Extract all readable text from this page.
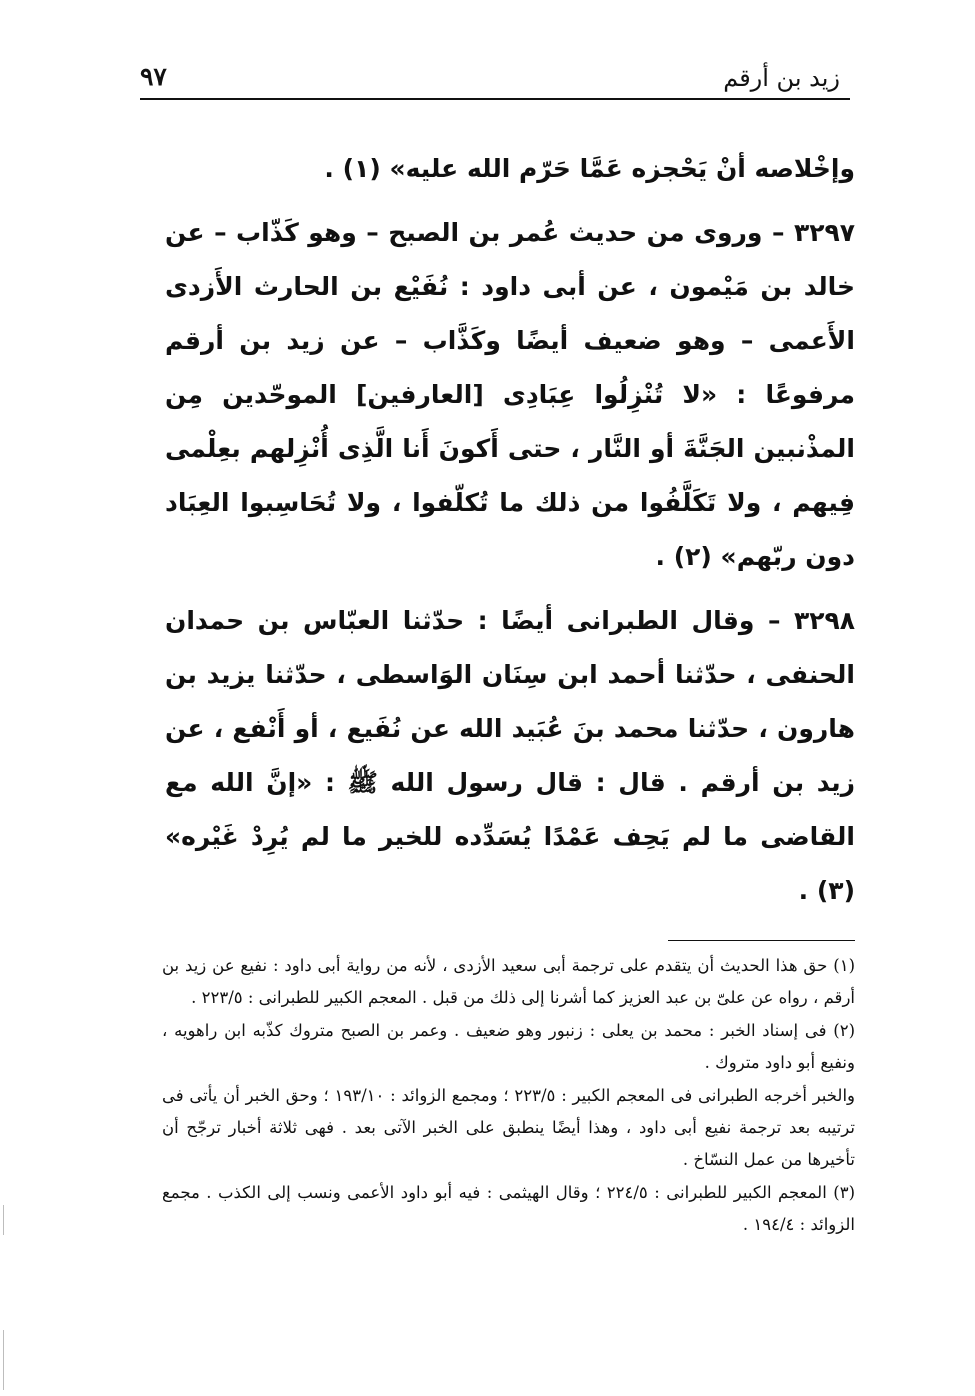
زيد بن أرقم
٩٧

وإخْلاصه أنْ يَحْجزه عَمَّا حَرّم الله عليه» (١) .

٣٢٩٧ – وروى من حديث عُمر بن الصبح – وهو كَذّاب – عن خالد بن مَيْمون ، عن أبى داود : نُفَيْع بن الحارث الأَزدى الأَعمى – وهو ضعيف أيضًا وكَذَّاب – عن زيد بن أرقم مرفوعًا : «لا تُنْزِلُوا عِبَادِى [العارفين] الموحّدين مِن المذْنبين الجَنَّةَ أو النَّار ، حتى أَكونَ أَنا الَّذِى أُنْزِلهم بعِلْمى فِيهم ، ولا تَكَلَّفُوا من ذلك ما تُكلّفوا ، ولا تُحَاسِبوا العِبَاد دون ربّهم» (٢) .

٣٢٩٨ – وقال الطبرانى أيضًا : حدّثنا العبّاس بن حمدان الحنفى ، حدّثنا أحمد ابن سِنَان الوَاسطى ، حدّثنا يزيد بن هارون ، حدّثنا محمد بنَ عُبَيد الله عن نُفَيع ، أو أَنْفع ، عن زيد بن أرقم . قال : قال رسول الله ﷺ : «إنَّ الله مع القاضى ما لم يَحِف عَمْدًا يُسَدِّده للخير ما لم يُرِدْ غَيْره» (٣) .

(١) حق هذا الحديث أن يتقدم على ترجمة أبى سعيد الأزدى ، لأنه من رواية أبى داود : نفيع عن زيد بن أرقم ، رواه عن علىّ بن عبد العزيز كما أشرنا إلى ذلك من قبل . المعجم الكبير للطبرانى : ٢٢٣/٥ .

(٢) فى إسناد الخبر : محمد بن يعلى : زنبور وهو ضعيف . وعمر بن الصبح متروك كذّبه ابن راهويه ، ونفيع أبو داود متروك .

والخبر أخرجه الطبرانى فى المعجم الكبير : ٢٢٣/٥ ؛ ومجمع الزوائد : ١٩٣/١٠ ؛ وحق الخبر أن يأتى فى ترتيبه بعد ترجمة نفيع أبى داود ، وهذا أيضًا ينطبق على الخبر الآتى بعد . فهى ثلاثة أخبار ترجّح أن تأخيرها من عمل النسّاخ .

(٣) المعجم الكبير للطبرانى : ٢٢٤/٥ ؛ وقال الهيثمى : فيه أبو داود الأعمى ونسب إلى الكذب . مجمع الزوائد : ١٩٤/٤ .
